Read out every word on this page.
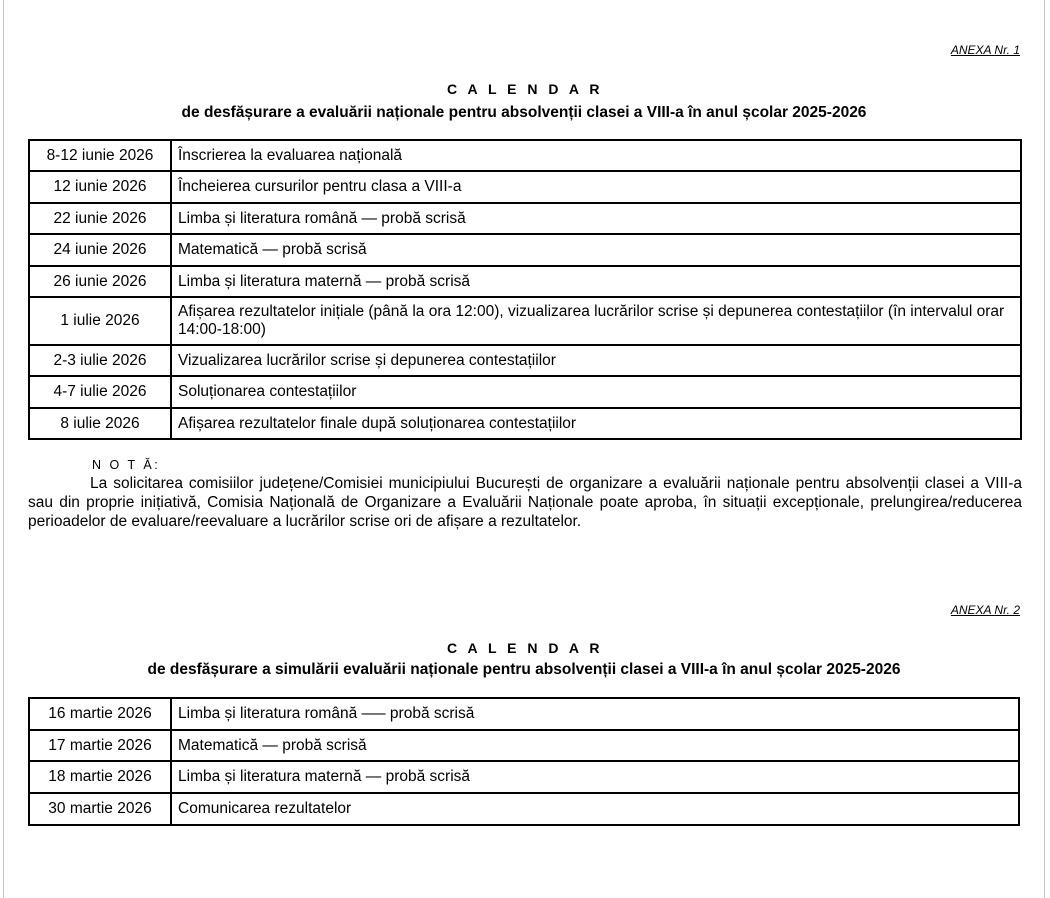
ANEXA Nr. 1
C A L E N D A R
de desfășurare a evaluării naționale pentru absolvenții clasei a VIII-a în anul școlar 2025-2026
8-12 iunie 2026	Înscrierea la evaluarea națională
12 iunie 2026	Încheierea cursurilor pentru clasa a VIII-a
22 iunie 2026	Limba și literatura română — probă scrisă
24 iunie 2026	Matematică — probă scrisă
26 iunie 2026	Limba și literatura maternă — probă scrisă
1 iulie 2026	Afișarea rezultatelor inițiale (până la ora 12:00), vizualizarea lucrărilor scrise și depunerea contestațiilor (în intervalul orar 14:00-18:00)
2-3 iulie 2026	Vizualizarea lucrărilor scrise și depunerea contestațiilor
4-7 iulie 2026	Soluționarea contestațiilor
8 iulie 2026	Afișarea rezultatelor finale după soluționarea contestațiilor
N O T Ă:
La solicitarea comisiilor județene/Comisiei municipiului București de organizare a evaluării naționale pentru absolvenții clasei a VIII-a sau din proprie inițiativă, Comisia Națională de Organizare a Evaluării Naționale poate aproba, în situații excepționale, prelungirea/reducerea perioadelor de evaluare/reevaluare a lucrărilor scrise ori de afișare a rezultatelor.
ANEXA Nr. 2
C A L E N D A R
de desfășurare a simulării evaluării naționale pentru absolvenții clasei a VIII-a în anul școlar 2025-2026
16 martie 2026	Limba și literatura română —– probă scrisă
17 martie 2026	Matematică — probă scrisă
18 martie 2026	Limba și literatura maternă — probă scrisă
30 martie 2026	Comunicarea rezultatelor
